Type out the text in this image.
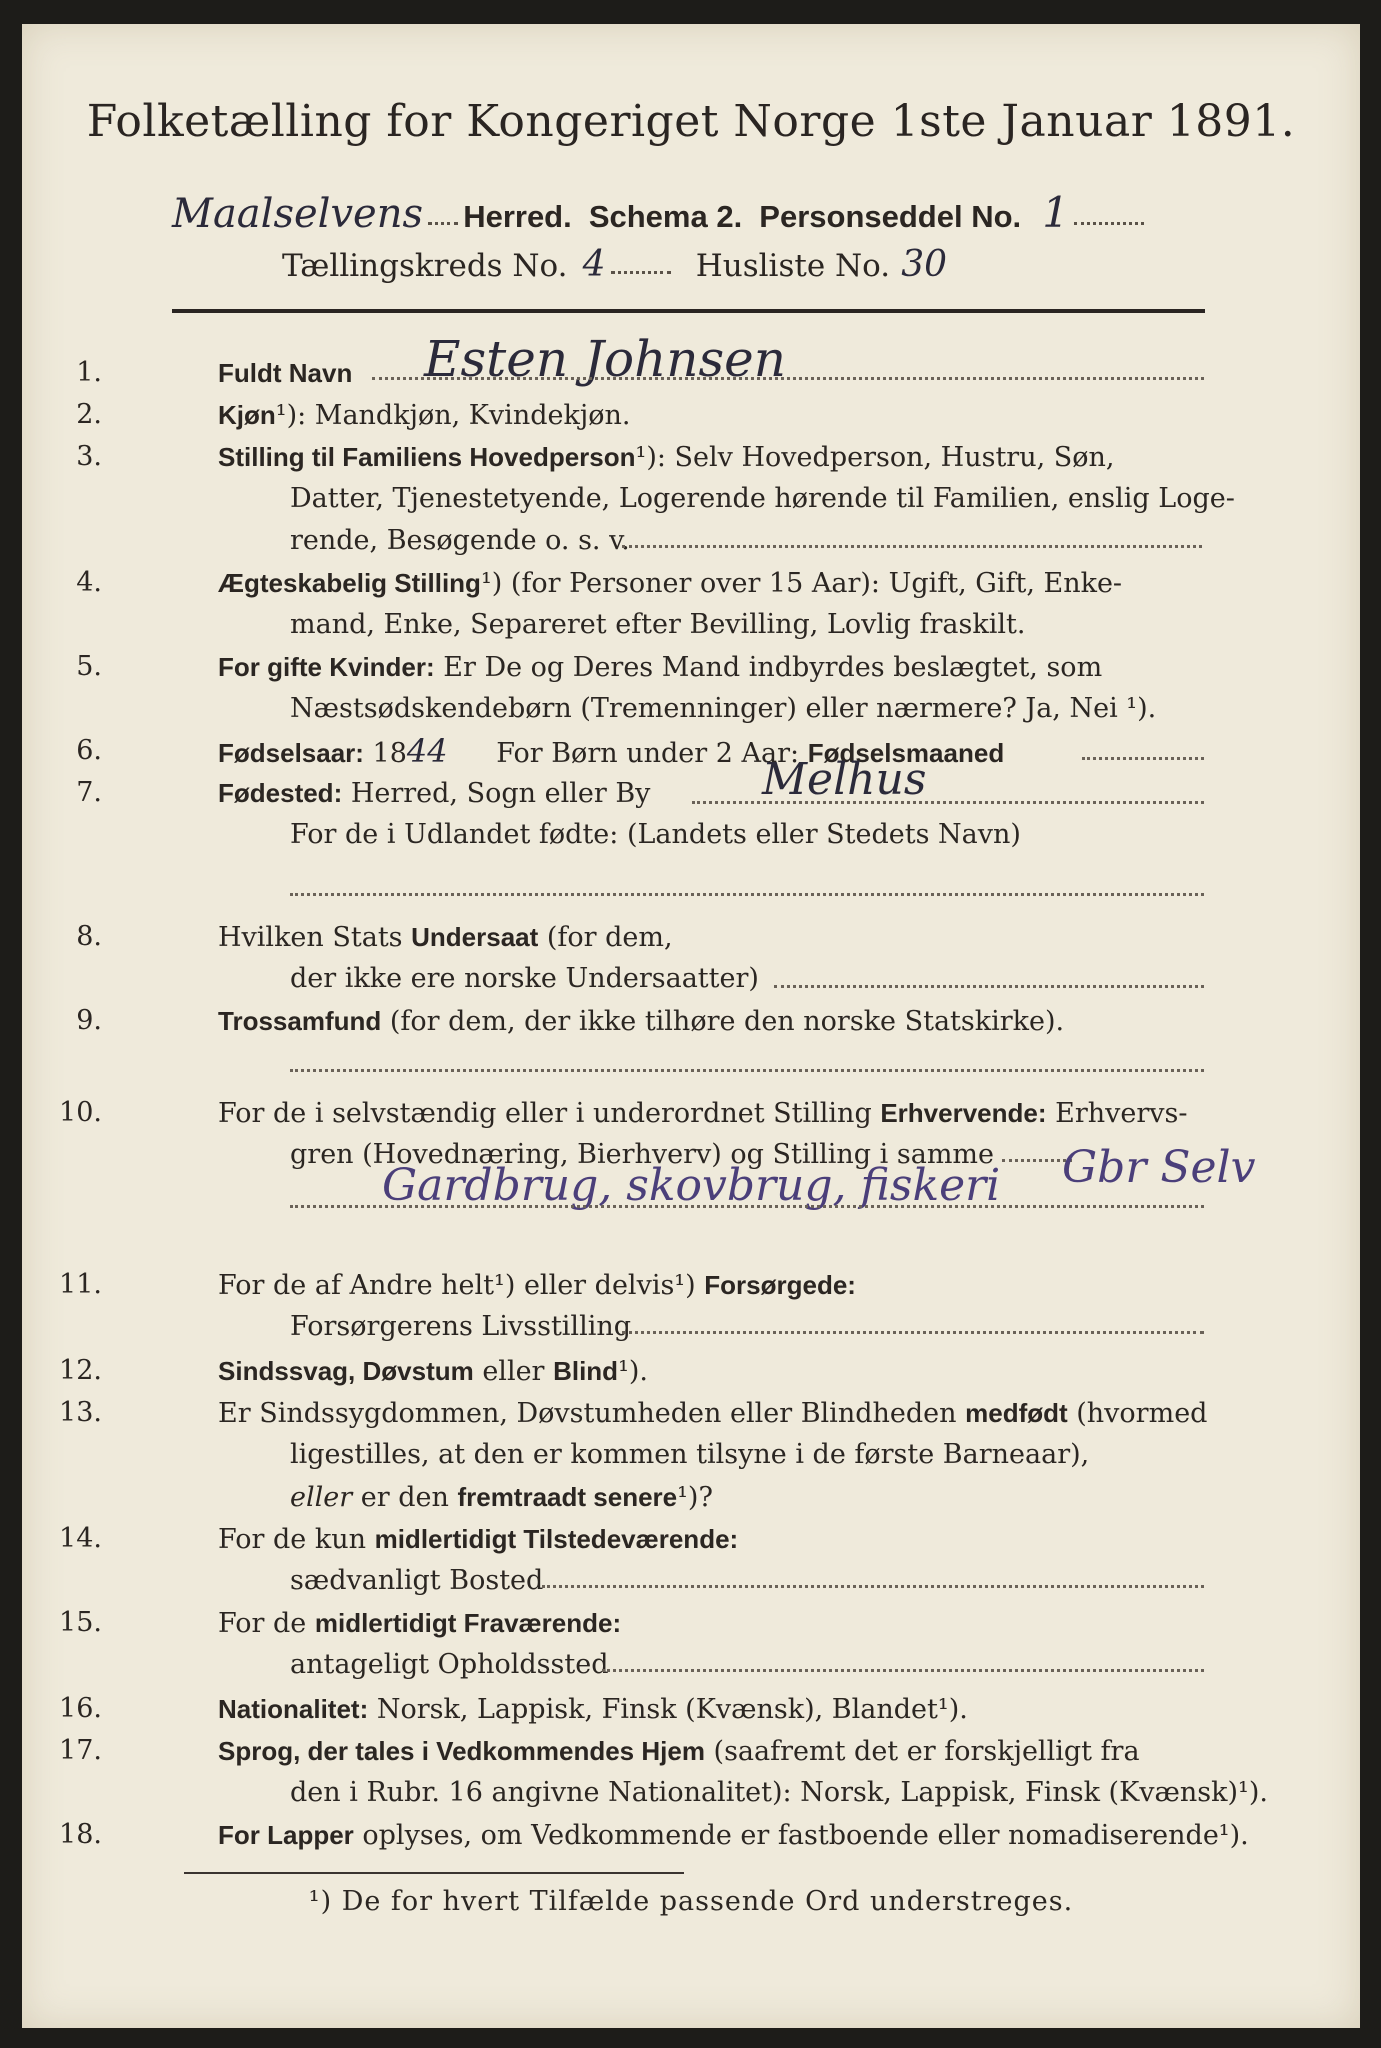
Folketælling for Kongeriget Norge 1ste Januar 1891.
Maalselvens Herred. Schema 2. Personseddel No. 1
Tællingskreds No. 4	Husliste No. 30
1.	Fuldt Navn Esten Johnsen
2.	Kjøn¹): Mandkjøn, Kvindekjøn.
3.	Stilling til Familiens Hovedperson¹): Selv Hovedperson, Hustru, Søn,
Datter, Tjenestetyende, Logerende hørende til Familien, enslig Loge-
rende, Besøgende o. s. v.
4.	Ægteskabelig Stilling¹) (for Personer over 15 Aar): Ugift, Gift, Enke-
mand, Enke, Separeret efter Bevilling, Lovlig fraskilt.
5.	For gifte Kvinder: Er De og Deres Mand indbyrdes beslægtet, som
Næstsødskendebørn (Tremenninger) eller nærmere? Ja, Nei ¹).
6.	Fødselsaar: 1844 For Børn under 2 Aar: Fødselsmaaned
7.	Fødested: Herred, Sogn eller By	Melhus
For de i Udlandet fødte: (Landets eller Stedets Navn)
8.	Hvilken Stats Undersaat (for dem,
der ikke ere norske Undersaatter)
9.	Trossamfund (for dem, der ikke tilhøre den norske Statskirke).
10.	For de i selvstændig eller i underordnet Stilling Erhvervende: Erhvervs-
gren (Hovednæring, Bierhverv) og Stilling i samme
Gardbrug, skovbrug, fiskeri Gbr Selv
11.	For de af Andre helt¹) eller delvis¹) Forsørgede:
Forsørgerens Livsstilling
12.	Sindssvag, Døvstum eller Blind¹).
13.	Er Sindssygdommen, Døvstumheden eller Blindheden medfødt (hvormed
ligestilles, at den er kommen tilsyne i de første Barneaar),
eller er den fremtraadt senere¹)?
14.	For de kun midlertidigt Tilstedeværende:
sædvanligt Bosted
15.	For de midlertidigt Fraværende:
antageligt Opholdssted
16.	Nationalitet: Norsk, Lappisk, Finsk (Kvænsk), Blandet¹).
17.	Sprog, der tales i Vedkommendes Hjem (saafremt det er forskjelligt fra
den i Rubr. 16 angivne Nationalitet): Norsk, Lappisk, Finsk (Kvænsk)¹).
18.	For Lapper oplyses, om Vedkommende er fastboende eller nomadiserende¹).
¹) De for hvert Tilfælde passende Ord understreges.
